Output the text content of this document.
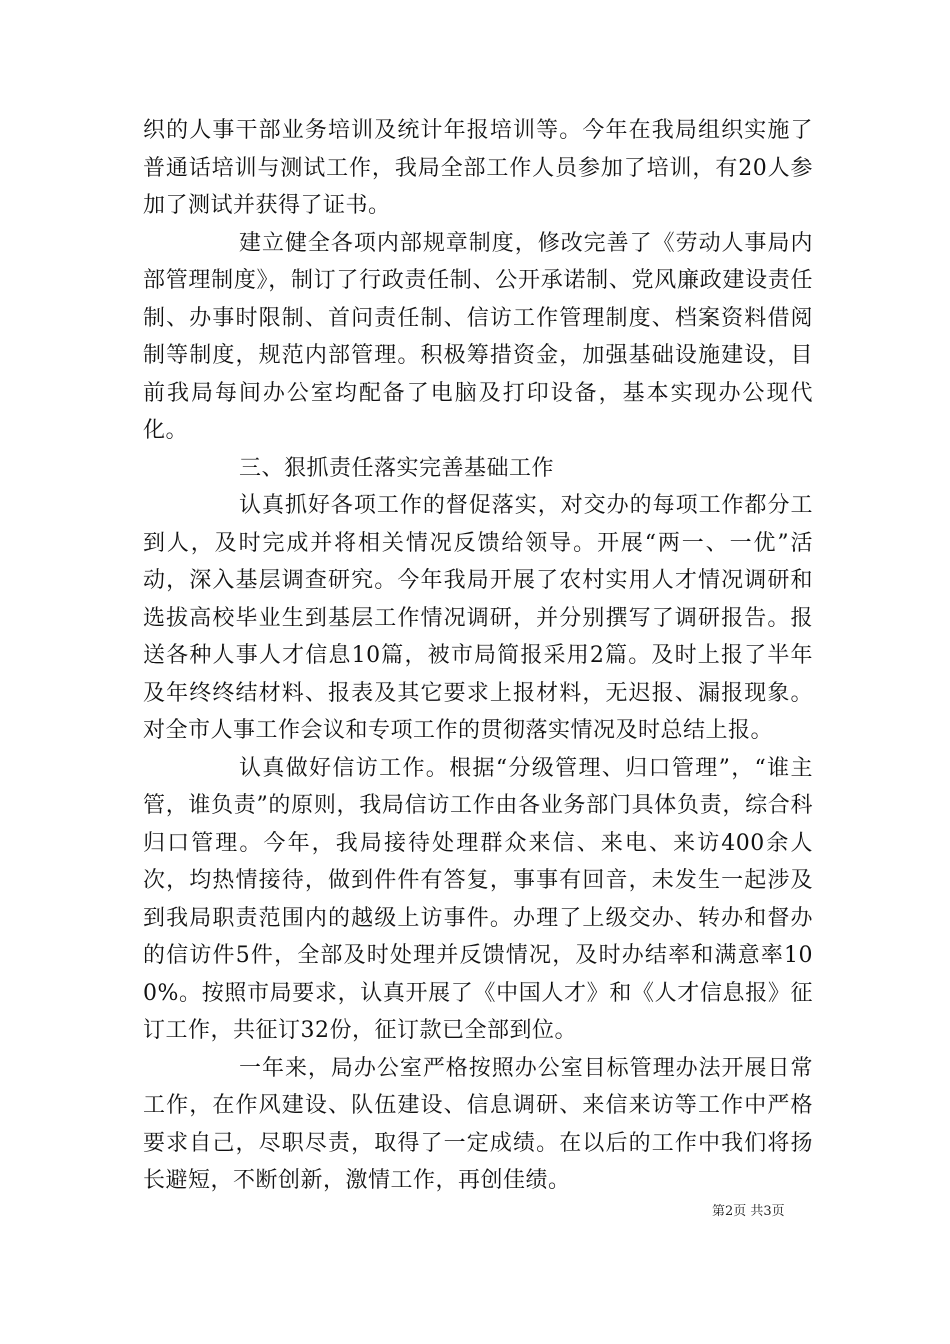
织的人事干部业务培训及统计年报培训等。今年在我局组织实施了普通话培训与测试工作，我局全部工作人员参加了培训，有20人参加了测试并获得了证书。

建立健全各项内部规章制度，修改完善了《劳动人事局内部管理制度》，制订了行政责任制、公开承诺制、党风廉政建设责任制、办事时限制、首问责任制、信访工作管理制度、档案资料借阅制等制度，规范内部管理。积极筹措资金，加强基础设施建设，目前我局每间办公室均配备了电脑及打印设备，基本实现办公现代化。

三、狠抓责任落实完善基础工作

认真抓好各项工作的督促落实，对交办的每项工作都分工到人，及时完成并将相关情况反馈给领导。开展“两一、一优”活动，深入基层调查研究。今年我局开展了农村实用人才情况调研和选拔高校毕业生到基层工作情况调研，并分别撰写了调研报告。报送各种人事人才信息10篇，被市局简报采用2篇。及时上报了半年及年终终结材料、报表及其它要求上报材料，无迟报、漏报现象。对全市人事工作会议和专项工作的贯彻落实情况及时总结上报。

认真做好信访工作。根据“分级管理、归口管理”，“谁主管，谁负责”的原则，我局信访工作由各业务部门具体负责，综合科归口管理。今年，我局接待处理群众来信、来电、来访400余人次，均热情接待，做到件件有答复，事事有回音，未发生一起涉及到我局职责范围内的越级上访事件。办理了上级交办、转办和督办的信访件5件，全部及时处理并反馈情况，及时办结率和满意率100%。按照市局要求，认真开展了《中国人才》和《人才信息报》征订工作，共征订32份，征订款已全部到位。

一年来，局办公室严格按照办公室目标管理办法开展日常工作，在作风建设、队伍建设、信息调研、来信来访等工作中严格要求自己，尽职尽责，取得了一定成绩。在以后的工作中我们将扬长避短，不断创新，激情工作，再创佳绩。

第2页 共3页
